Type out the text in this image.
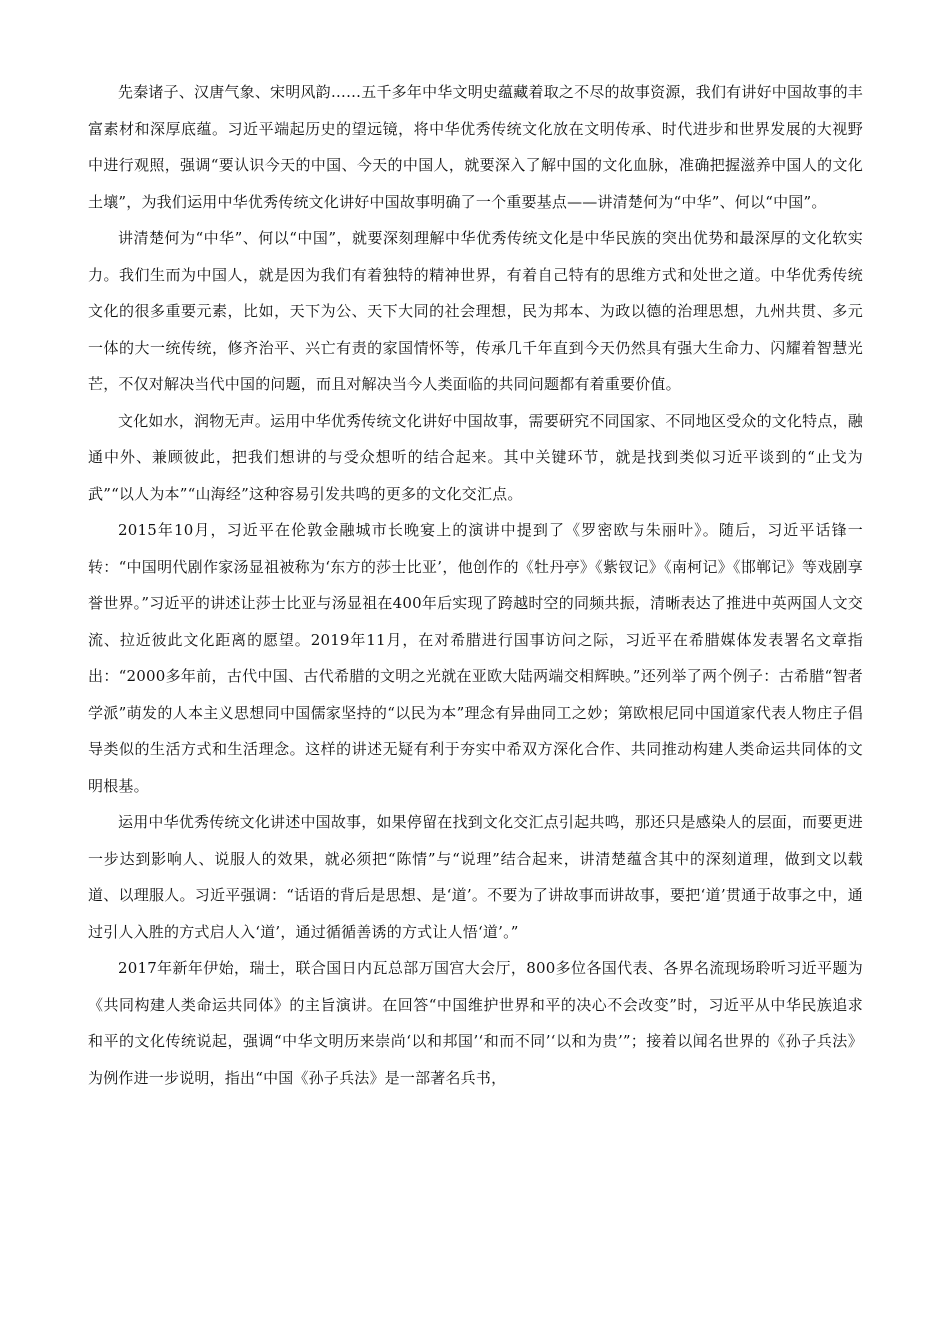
先秦诸子、汉唐气象、宋明风韵……五千多年中华文明史蕴藏着取之不尽的故事资源，我们有讲好中国故事的丰富素材和深厚底蕴。习近平端起历史的望远镜，将中华优秀传统文化放在文明传承、时代进步和世界发展的大视野中进行观照，强调“要认识今天的中国、今天的中国人，就要深入了解中国的文化血脉，准确把握滋养中国人的文化土壤”，为我们运用中华优秀传统文化讲好中国故事明确了一个重要基点——讲清楚何为“中华”、何以“中国”。

讲清楚何为“中华”、何以“中国”，就要深刻理解中华优秀传统文化是中华民族的突出优势和最深厚的文化软实力。我们生而为中国人，就是因为我们有着独特的精神世界，有着自己特有的思维方式和处世之道。中华优秀传统文化的很多重要元素，比如，天下为公、天下大同的社会理想，民为邦本、为政以德的治理思想，九州共贯、多元一体的大一统传统，修齐治平、兴亡有责的家国情怀等，传承几千年直到今天仍然具有强大生命力、闪耀着智慧光芒，不仅对解决当代中国的问题，而且对解决当今人类面临的共同问题都有着重要价值。

文化如水，润物无声。运用中华优秀传统文化讲好中国故事，需要研究不同国家、不同地区受众的文化特点，融通中外、兼顾彼此，把我们想讲的与受众想听的结合起来。其中关键环节，就是找到类似习近平谈到的“止戈为武”“以人为本”“山海经”这种容易引发共鸣的更多的文化交汇点。

2015年10月，习近平在伦敦金融城市长晚宴上的演讲中提到了《罗密欧与朱丽叶》。随后，习近平话锋一转：“中国明代剧作家汤显祖被称为‘东方的莎士比亚’，他创作的《牡丹亭》《紫钗记》《南柯记》《邯郸记》等戏剧享誉世界。”习近平的讲述让莎士比亚与汤显祖在400年后实现了跨越时空的同频共振，清晰表达了推进中英两国人文交流、拉近彼此文化距离的愿望。2019年11月，在对希腊进行国事访问之际，习近平在希腊媒体发表署名文章指出：“2000多年前，古代中国、古代希腊的文明之光就在亚欧大陆两端交相辉映。”还列举了两个例子：古希腊“智者学派”萌发的人本主义思想同中国儒家坚持的“以民为本”理念有异曲同工之妙；第欧根尼同中国道家代表人物庄子倡导类似的生活方式和生活理念。这样的讲述无疑有利于夯实中希双方深化合作、共同推动构建人类命运共同体的文明根基。

运用中华优秀传统文化讲述中国故事，如果停留在找到文化交汇点引起共鸣，那还只是感染人的层面，而要更进一步达到影响人、说服人的效果，就必须把“陈情”与“说理”结合起来，讲清楚蕴含其中的深刻道理，做到文以载道、以理服人。习近平强调：“话语的背后是思想、是‘道’。不要为了讲故事而讲故事，要把‘道’贯通于故事之中，通过引人入胜的方式启人入‘道’，通过循循善诱的方式让人悟‘道’。”

2017年新年伊始，瑞士，联合国日内瓦总部万国宫大会厅，800多位各国代表、各界名流现场聆听习近平题为《共同构建人类命运共同体》的主旨演讲。在回答“中国维护世界和平的决心不会改变”时，习近平从中华民族追求和平的文化传统说起，强调“中华文明历来崇尚‘以和邦国’‘和而不同’‘以和为贵’”；接着以闻名世界的《孙子兵法》为例作进一步说明，指出“中国《孙子兵法》是一部著名兵书，
